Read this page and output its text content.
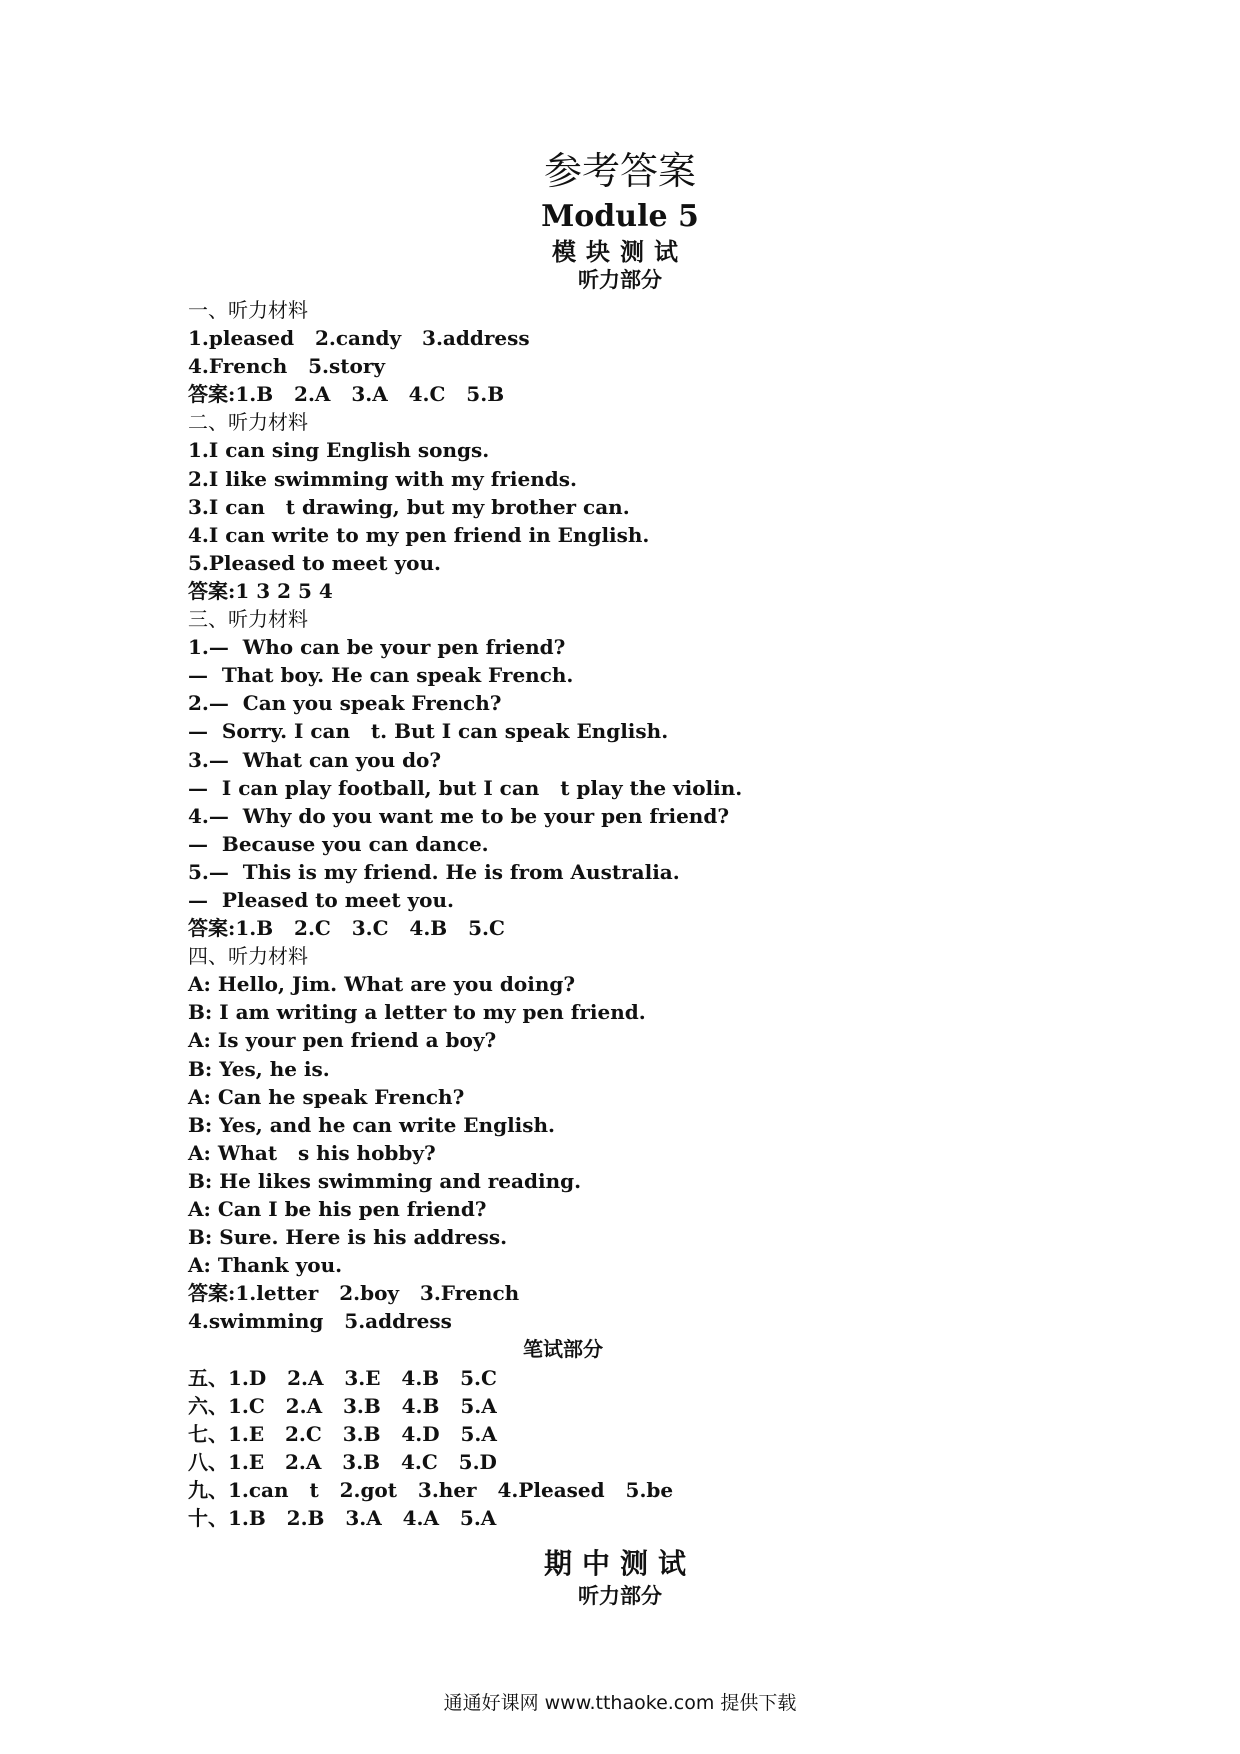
参考答案
Module 5
模块测试
听力部分
一、听力材料
1.pleased   2.candy   3.address
4.French   5.story
答案:1.B   2.A   3.A   4.C   5.B
二、听力材料
1.I can sing English songs.
2.I like swimming with my friends.
3.I can   t drawing, but my brother can.
4.I can write to my pen friend in English.
5.Pleased to meet you.
答案:1 3 2 5 4
三、听力材料
1.—  Who can be your pen friend?
—  That boy. He can speak French.
2.—  Can you speak French?
—  Sorry. I can   t. But I can speak English.
3.—  What can you do?
—  I can play football, but I can   t play the violin.
4.—  Why do you want me to be your pen friend?
—  Because you can dance.
5.—  This is my friend. He is from Australia.
—  Pleased to meet you.
答案:1.B   2.C   3.C   4.B   5.C
四、听力材料
A: Hello, Jim. What are you doing?
B: I am writing a letter to my pen friend.
A: Is your pen friend a boy?
B: Yes, he is.
A: Can he speak French?
B: Yes, and he can write English.
A: What   s his hobby?
B: He likes swimming and reading.
A: Can I be his pen friend?
B: Sure. Here is his address.
A: Thank you.
答案:1.letter   2.boy   3.French
4.swimming   5.address
笔试部分
五、1.D   2.A   3.E   4.B   5.C
六、1.C   2.A   3.B   4.B   5.A
七、1.E   2.C   3.B   4.D   5.A
八、1.E   2.A   3.B   4.C   5.D
九、1.can   t   2.got   3.her   4.Pleased   5.be
十、1.B   2.B   3.A   4.A   5.A
期中测试
听力部分
通通好课网 www.tthaoke.com 提供下载
